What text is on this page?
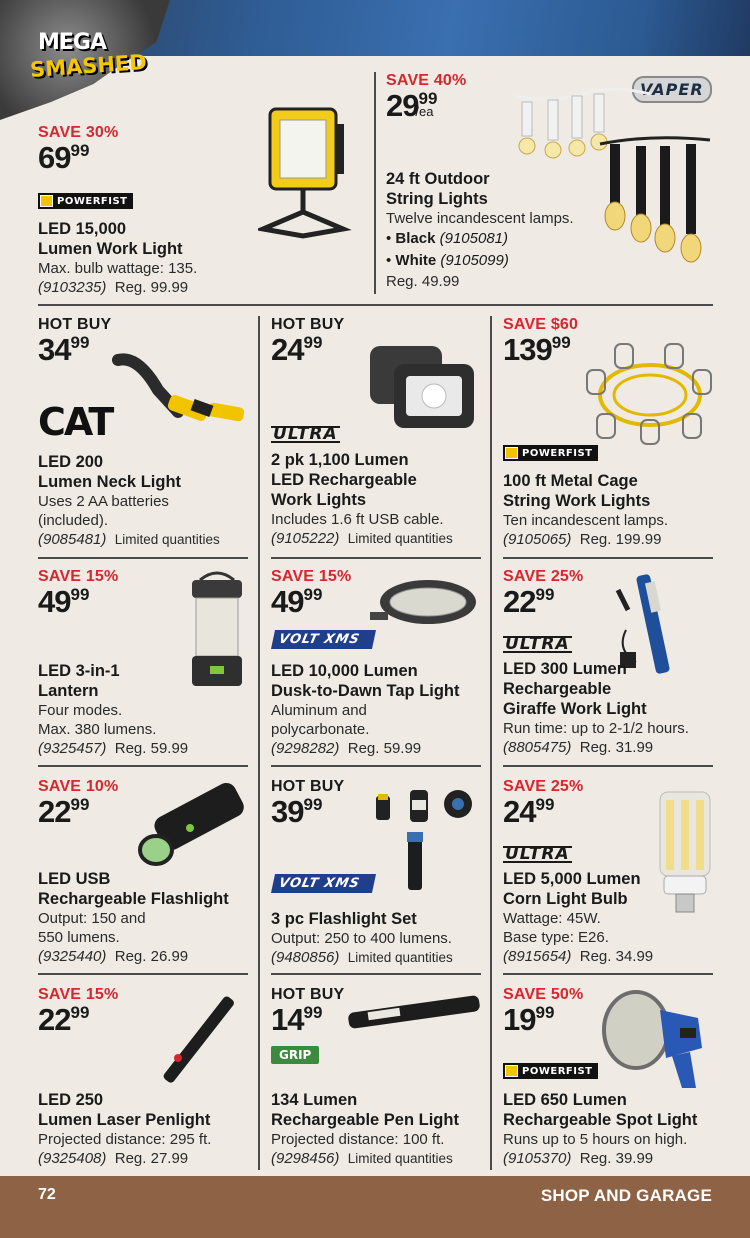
MEGA
SMASHED
SAVE 30%
$69^{99}$
POWERFIST
LED 15,000
Lumen Work Light
Max. bulb wattage: 135.
(9103235) Reg. 99.99
SAVE 40%
$29^{99}/ea$
VAPER
24 ft Outdoor
String Lights
Twelve incandescent lamps.
• Black (9105081)
• White (9105099)
Reg. 49.99
HOT BUY
$34^{99}$
CAT
LED 200
Lumen Neck Light
Uses 2 AA batteries
(included).
(9085481) Limited quantities
HOT BUY
$24^{99}$
ULTRA
2 pk 1,100 Lumen
LED Rechargeable
Work Lights
Includes 1.6 ft USB cable.
(9105222) Limited quantities
SAVE $60
$139^{99}$
POWERFIST
100 ft Metal Cage
String Work Lights
Ten incandescent lamps.
(9105065) Reg. 199.99
SAVE 15%
$49^{99}$
LED 3-in-1
Lantern
Four modes.
Max. 380 lumens.
(9325457) Reg. 59.99
SAVE 15%
$49^{99}$
VOLT XMS
LED 10,000 Lumen
Dusk-to-Dawn Tap Light
Aluminum and
polycarbonate.
(9298282) Reg. 59.99
SAVE 25%
$22^{99}$
ULTRA
LED 300 Lumen
Rechargeable
Giraffe Work Light
Run time: up to 2-1/2 hours.
(8805475) Reg. 31.99
SAVE 10%
$22^{99}$
LED USB
Rechargeable Flashlight
Output: 150 and
550 lumens.
(9325440) Reg. 26.99
HOT BUY
$39^{99}$
VOLT XMS
3 pc Flashlight Set
Output: 250 to 400 lumens.
(9480856) Limited quantities
SAVE 25%
$24^{99}$
ULTRA
LED 5,000 Lumen
Corn Light Bulb
Wattage: 45W.
Base type: E26.
(8915654) Reg. 34.99
SAVE 15%
$22^{99}$
LED 250
Lumen Laser Penlight
Projected distance: 295 ft.
(9325408) Reg. 27.99
HOT BUY
$14^{99}$
GRIP
134 Lumen
Rechargeable Pen Light
Projected distance: 100 ft.
(9298456) Limited quantities
SAVE 50%
$19^{99}$
POWERFIST
LED 650 Lumen
Rechargeable Spot Light
Runs up to 5 hours on high.
(9105370) Reg. 39.99
72	SHOP AND GARAGE
